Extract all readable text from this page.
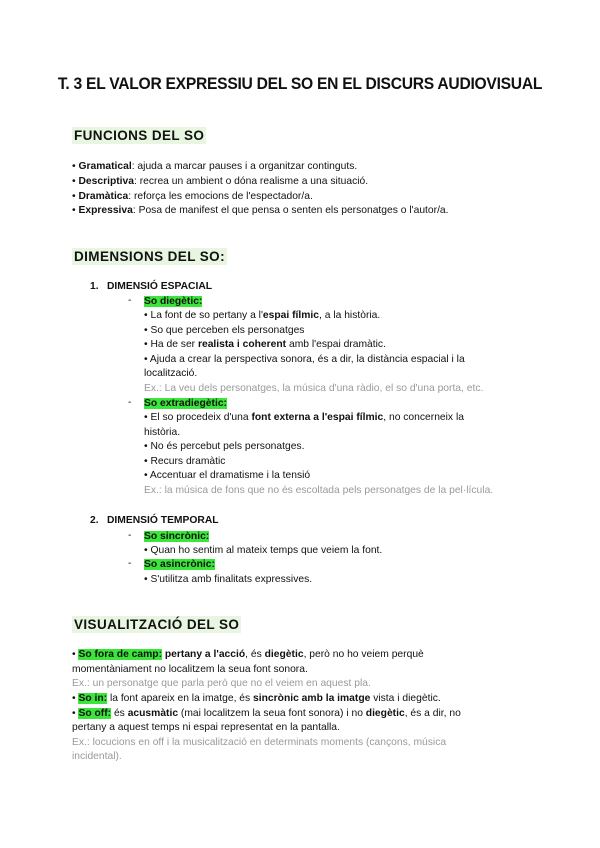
T. 3 EL VALOR EXPRESSIU DEL SO EN EL DISCURS AUDIOVISUAL
FUNCIONS DEL SO
• Gramatical: ajuda a marcar pauses i a organitzar continguts.
• Descriptiva: recrea un ambient o dóna realisme a una situació.
• Dramàtica: reforça les emocions de l'espectador/a.
• Expressiva: Posa de manifest el que pensa o senten els personatges o l'autor/a.
DIMENSIONS DEL SO:
1. DIMENSIÓ ESPACIAL
- So diegètic:
• La font de so pertany a l'espai fílmic, a la història.
• So que perceben els personatges
• Ha de ser realista i coherent amb l'espai dramàtic.
• Ajuda a crear la perspectiva sonora, és a dir, la distància espacial i la
localització.
Ex.: La veu dels personatges, la música d'una ràdio, el so d'una porta, etc.
- So extradiegètic:
• El so procedeix d'una font externa a l'espai fílmic, no concerneix la
història.
• No és percebut pels personatges.
• Recurs dramàtic
• Accentuar el dramatisme i la tensió
Ex.: la música de fons que no és escoltada pels personatges de la pel·lícula.
2. DIMENSIÓ TEMPORAL
- So sincrònic:
• Quan ho sentim al mateix temps que veiem la font.
- So asincrònic:
• S'utilitza amb finalitats expressives.
VISUALITZACIÓ DEL SO
• So fora de camp: pertany a l'acció, és diegètic, però no ho veiem perquè
momentàniament no localitzem la seua font sonora.
Ex.: un personatge que parla però que no el veiem en aquest pla.
• So in: la font apareix en la imatge, és sincrònic amb la imatge vista i diegètic.
• So off: és acusmàtic (mai localitzem la seua font sonora) i no diegètic, és a dir, no
pertany a aquest temps ni espai representat en la pantalla.
Ex.: locucions en off i la musicalització en determinats moments (cançons, música
incidental).
